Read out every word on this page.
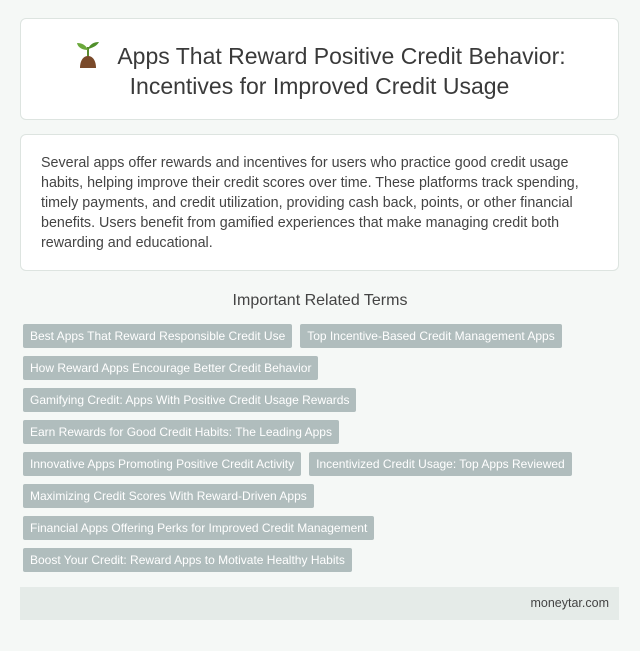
Apps That Reward Positive Credit Behavior:
Incentives for Improved Credit Usage

Several apps offer rewards and incentives for users who practice good credit usage habits, helping improve their credit scores over time. These platforms track spending, timely payments, and credit utilization, providing cash back, points, or other financial benefits. Users benefit from gamified experiences that make managing credit both rewarding and educational.

Important Related Terms
Best Apps That Reward Responsible Credit Use	Top Incentive-Based Credit Management Apps
How Reward Apps Encourage Better Credit Behavior
Gamifying Credit: Apps With Positive Credit Usage Rewards
Earn Rewards for Good Credit Habits: The Leading Apps
Innovative Apps Promoting Positive Credit Activity	Incentivized Credit Usage: Top Apps Reviewed
Maximizing Credit Scores With Reward-Driven Apps
Financial Apps Offering Perks for Improved Credit Management
Boost Your Credit: Reward Apps to Motivate Healthy Habits
moneytar.com
